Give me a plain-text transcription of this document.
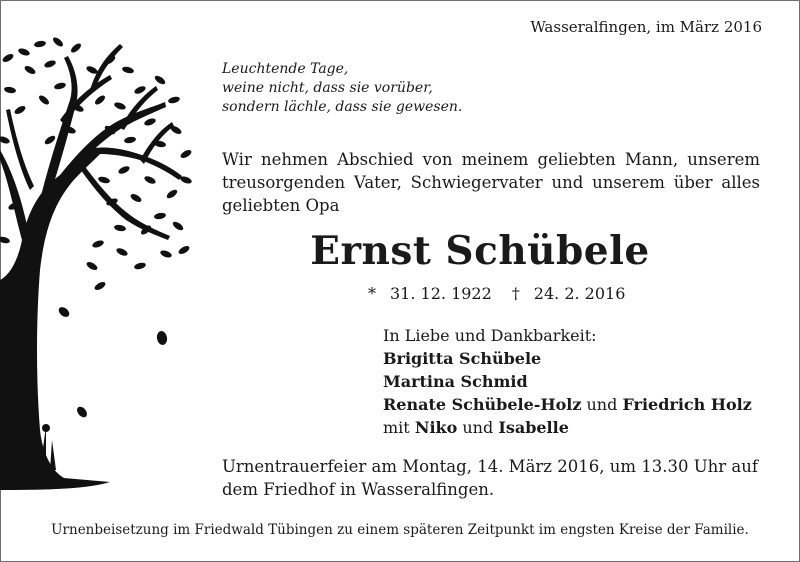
Wasseralfingen, im März 2016
Leuchtende Tage,
weine nicht, dass sie vorüber,
sondern lächle, dass sie gewesen.
Wir nehmen Abschied von meinem geliebten Mann, unserem
treusorgenden Vater, Schwiegervater und unserem über alles
geliebten Opa
Ernst Schübele
* 31. 12. 1922 † 24. 2. 2016
In Liebe und Dankbarkeit:
Brigitta Schübele
Martina Schmid
Renate Schübele-Holz und Friedrich Holz
mit Niko und Isabelle
Urnentrauerfeier am Montag, 14. März 2016, um 13.30 Uhr auf
dem Friedhof in Wasseralfingen.
Urnenbeisetzung im Friedwald Tübingen zu einem späteren Zeitpunkt im engsten Kreise der Familie.
